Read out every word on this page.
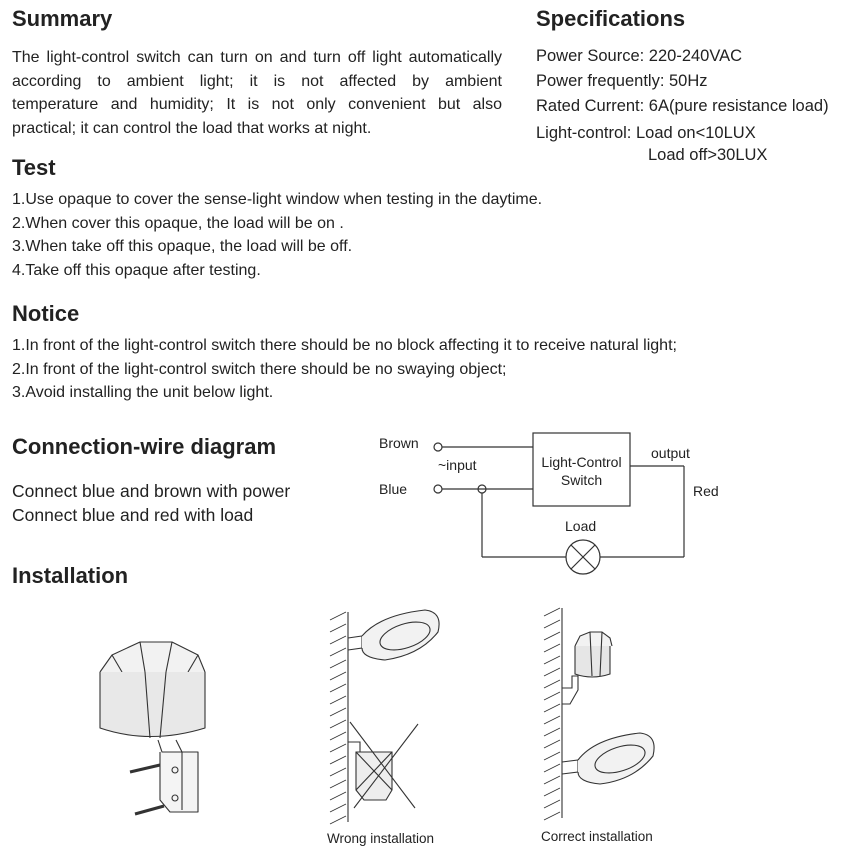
Summary
The light-control switch can turn on and turn off light automatically
according to ambient light; it is not affected by ambient
temperature and humidity; It is not only convenient but also
practical; it can control the load that works at night.
Specifications
Power Source: 220-240VAC
Power frequently: 50Hz
Rated Current: 6A(pure resistance load)
Light-control: Load on<10LUX
Load off>30LUX
Test
1.Use opaque to cover the sense-light window when testing in the daytime.
2.When cover this opaque, the load will be on .
3.When take off this opaque, the load will be off.
4.Take off this opaque after testing.
Notice
1.In front of the light-control switch there should be no block affecting it to receive natural light;
2.In front of the light-control switch there should be no swaying object;
3.Avoid installing the unit below light.
Connection-wire diagram
Connect blue and brown with power
Connect blue and red with load
Brown
~input
Blue
Light-Control
Switch
output
Red
Load
Installation
Wrong installation	Correct installation
